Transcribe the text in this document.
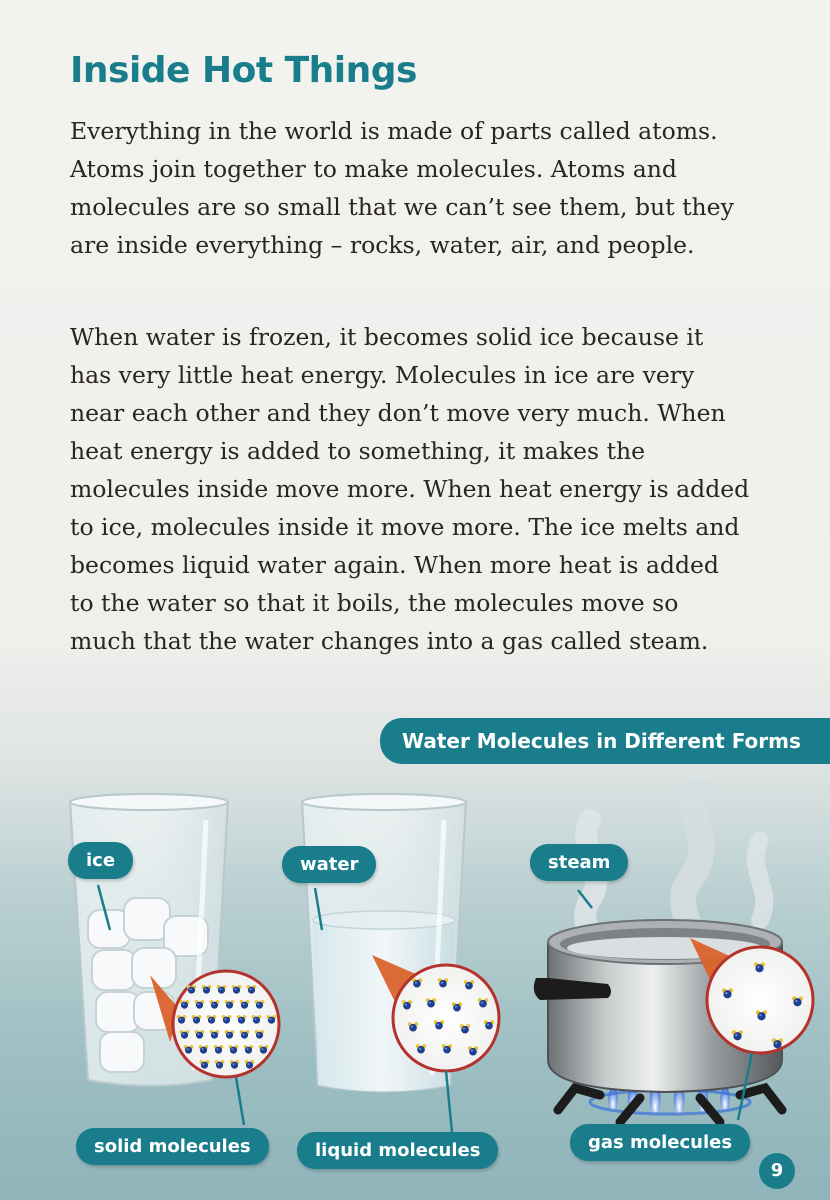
Inside Hot Things

Everything in the world is made of parts called atoms. Atoms join together to make molecules. Atoms and molecules are so small that we can’t see them, but they are inside everything – rocks, water, air, and people.

When water is frozen, it becomes solid ice because it has very little heat energy. Molecules in ice are very near each other and they don’t move very much. When heat energy is added to something, it makes the molecules inside move more. When heat energy is added to ice, molecules inside it move more. The ice melts and becomes liquid water again. When more heat is added to the water so that it boils, the molecules move so much that the water changes into a gas called steam.

Water Molecules in Different Forms
ice	water	steam
solid molecules	liquid molecules	gas molecules
9
